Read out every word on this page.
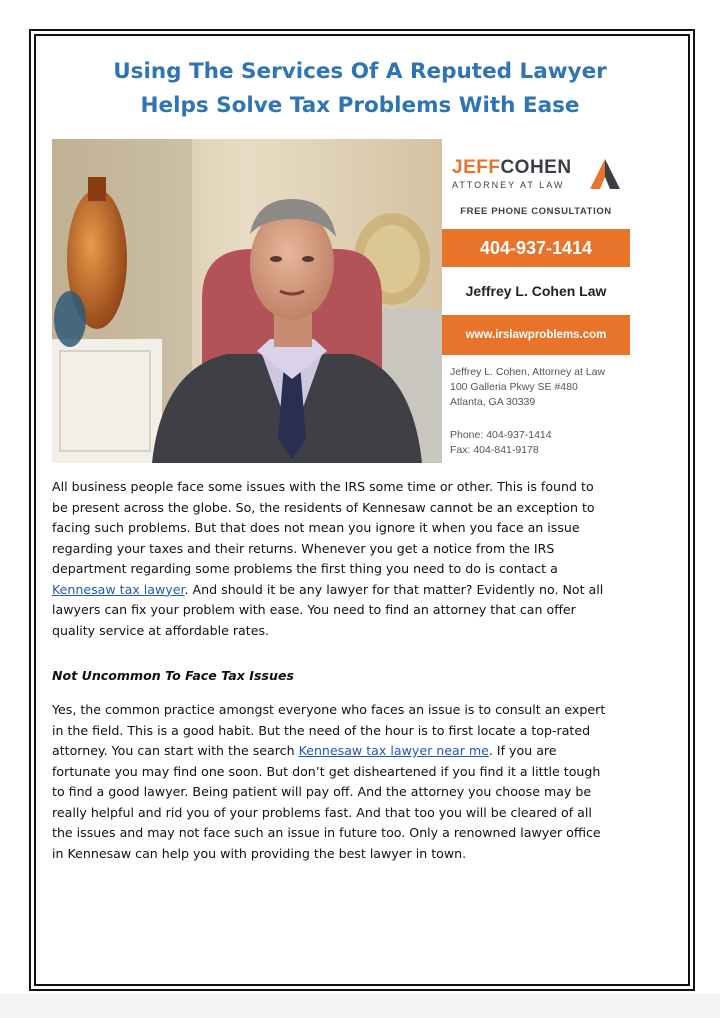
Using The Services Of A Reputed Lawyer
Helps Solve Tax Problems With Ease
JEFFCOHEN
ATTORNEY AT LAW
FREE PHONE CONSULTATION
404-937-1414
Jeffrey L. Cohen Law
www.irslawproblems.com
Jeffrey L. Cohen, Attorney at Law
100 Galleria Pkwy SE #480
Atlanta, GA 30339
Phone: 404-937-1414
Fax: 404-841-9178

All business people face some issues with the IRS some time or other. This is found to be present across the globe. So, the residents of Kennesaw cannot be an exception to facing such problems. But that does not mean you ignore it when you face an issue regarding your taxes and their returns. Whenever you get a notice from the IRS department regarding some problems the first thing you need to do is contact a Kennesaw tax lawyer. And should it be any lawyer for that matter? Evidently no. Not all lawyers can fix your problem with ease. You need to find an attorney that can offer quality service at affordable rates.

Not Uncommon To Face Tax Issues

Yes, the common practice amongst everyone who faces an issue is to consult an expert in the field. This is a good habit. But the need of the hour is to first locate a top-rated attorney. You can start with the search Kennesaw tax lawyer near me. If you are fortunate you may find one soon. But don’t get disheartened if you find it a little tough to find a good lawyer. Being patient will pay off. And the attorney you choose may be really helpful and rid you of your problems fast. And that too you will be cleared of all the issues and may not face such an issue in future too. Only a renowned lawyer office in Kennesaw can help you with providing the best lawyer in town.
